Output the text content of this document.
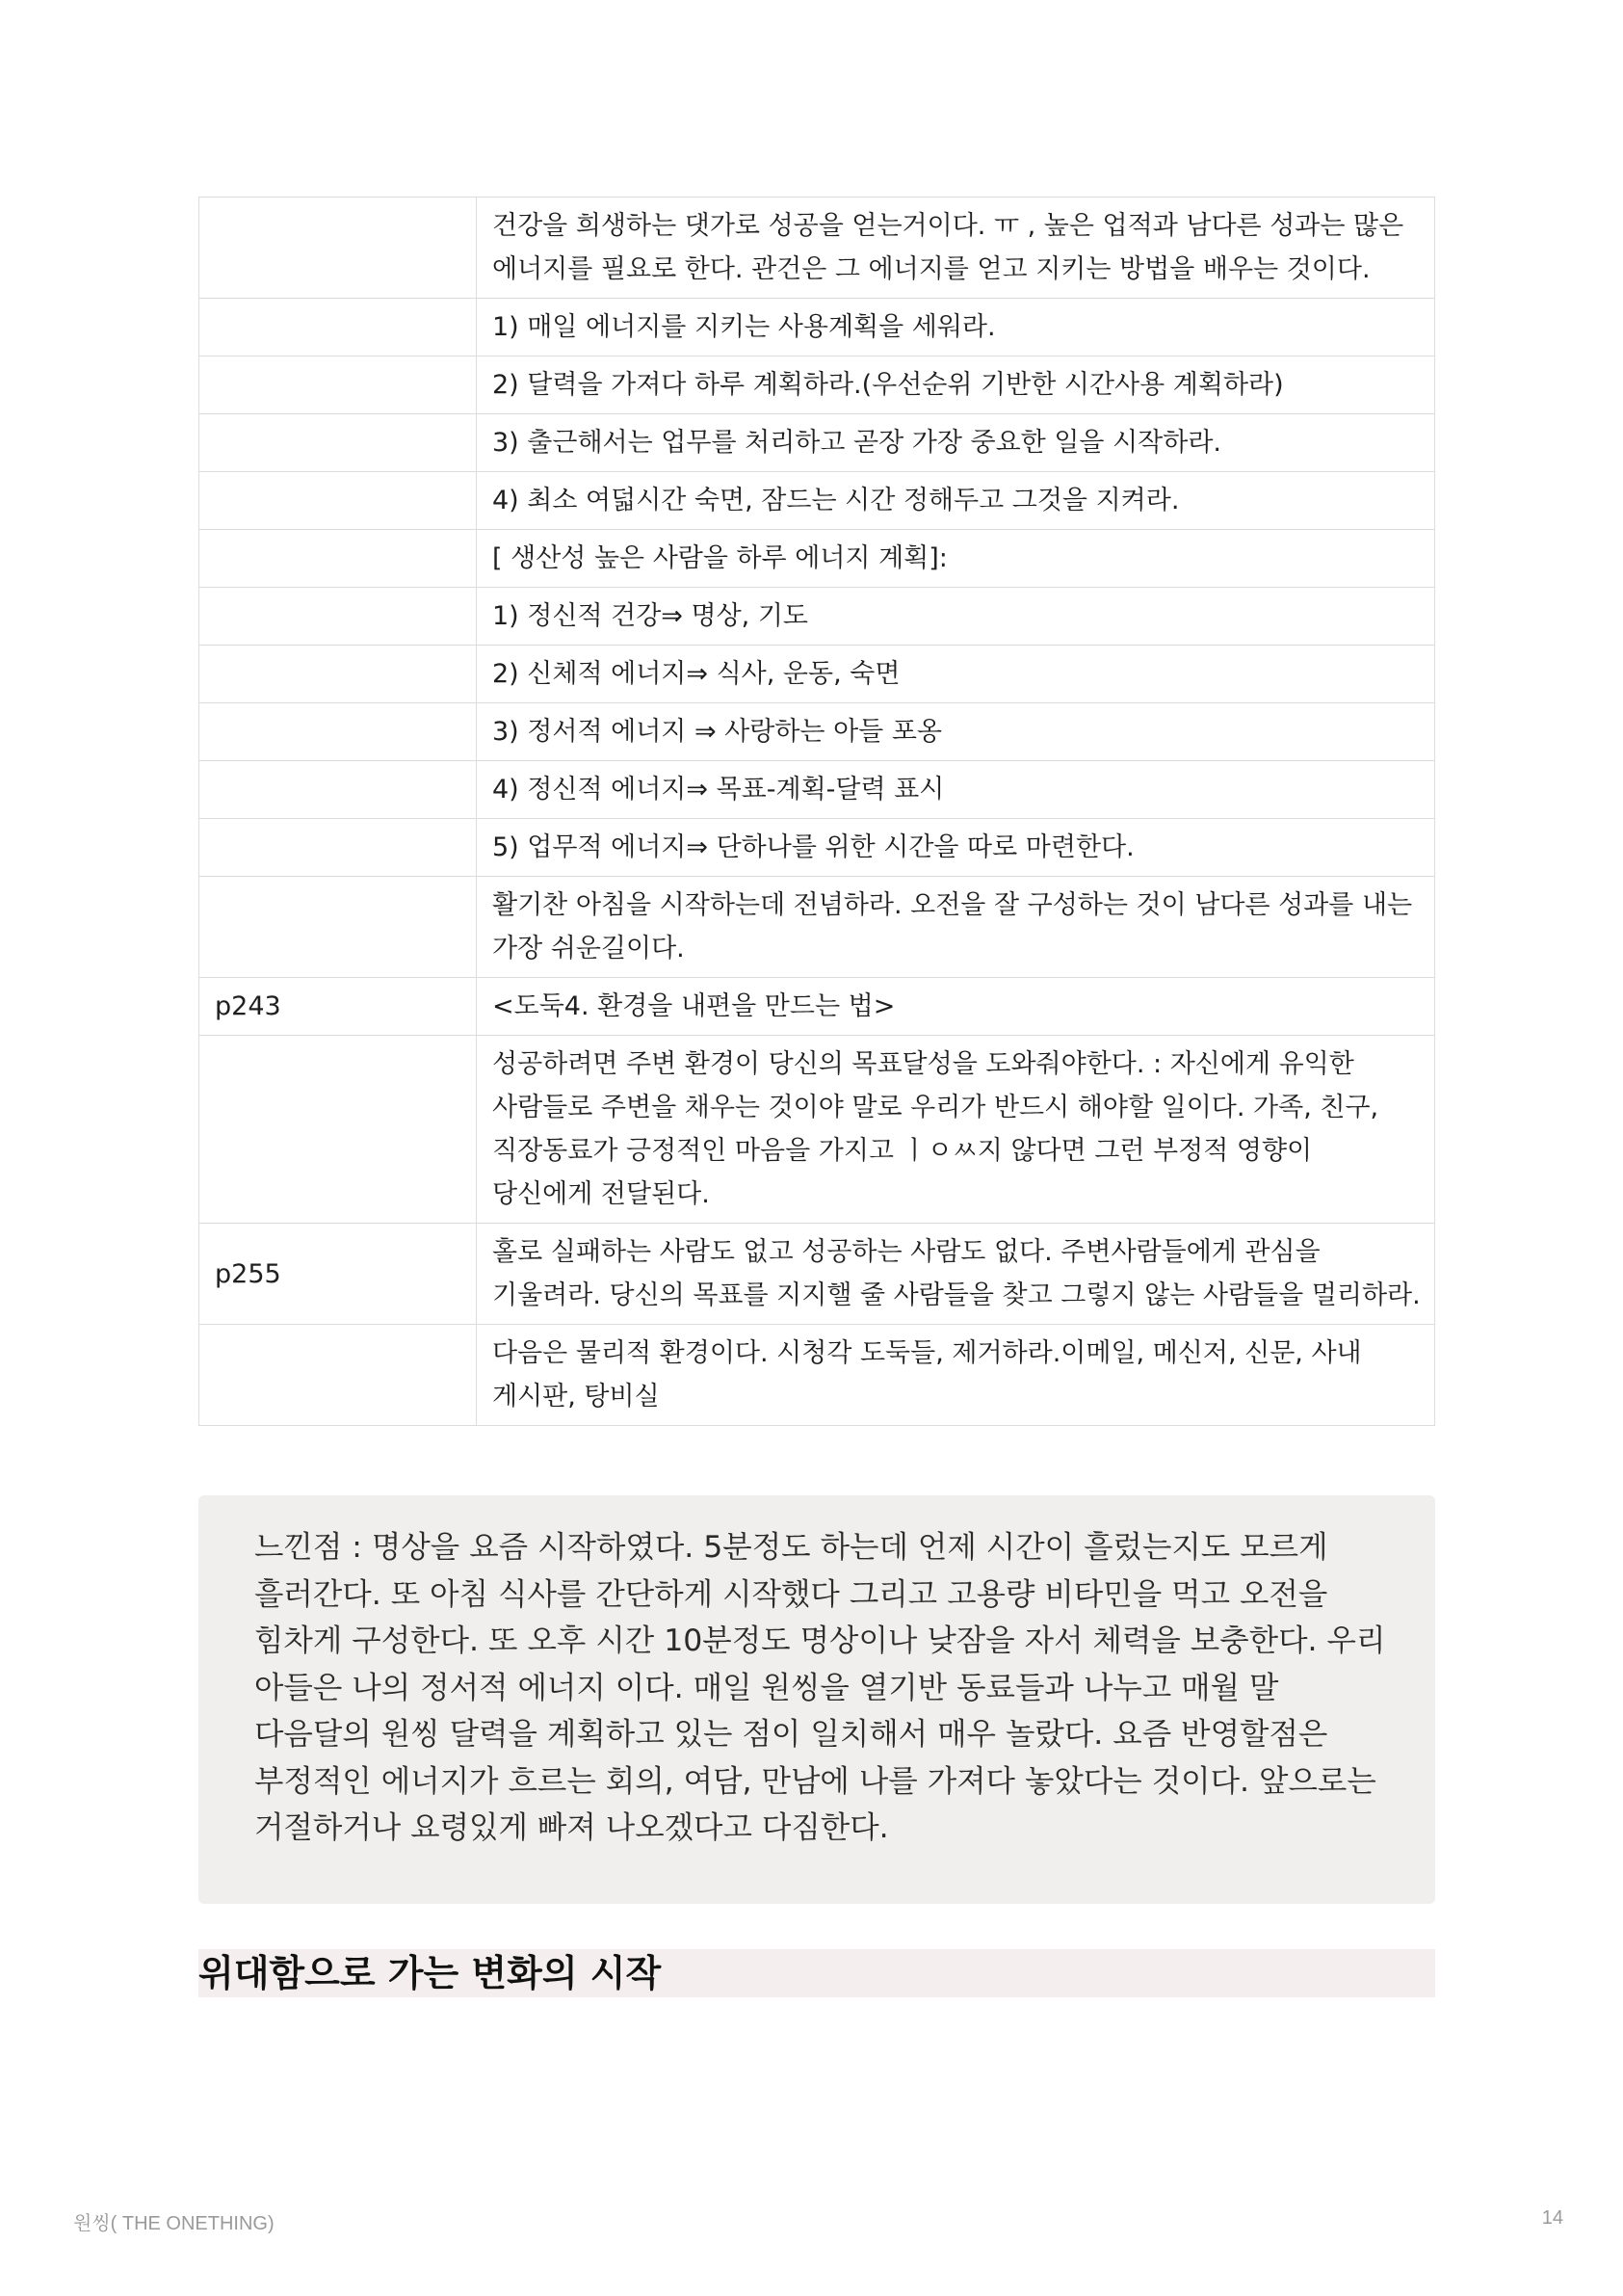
	건강을 희생하는 댓가로 성공을 얻는거이다. ㅠ , 높은 업적과 남다른 성과는 많은 에너지를 필요로 한다. 관건은 그 에너지를 얻고 지키는 방법을 배우는 것이다.
	1) 매일 에너지를 지키는 사용계획을 세워라.
	2) 달력을 가져다 하루 계획하라.(우선순위 기반한 시간사용 계획하라)
	3) 출근해서는 업무를 처리하고 곧장 가장 중요한 일을 시작하라.
	4) 최소 여덟시간 숙면, 잠드는 시간 정해두고 그것을 지켜라.
	[ 생산성 높은 사람을 하루 에너지 계획]:
	1) 정신적 건강⇒ 명상, 기도
	2) 신체적 에너지⇒ 식사, 운동, 숙면
	3) 정서적 에너지 ⇒ 사랑하는 아들 포옹
	4) 정신적 에너지⇒ 목표-계획-달력 표시
	5) 업무적 에너지⇒ 단하나를 위한 시간을 따로 마련한다.
	활기찬 아침을 시작하는데 전념하라. 오전을 잘 구성하는 것이 남다른 성과를 내는 가장 쉬운길이다.
p243	<도둑4. 환경을 내편을 만드는 법>
	성공하려면 주변 환경이 당신의 목표달성을 도와줘야한다. : 자신에게 유익한 사람들로 주변을 채우는 것이야 말로 우리가 반드시 해야할 일이다. 가족, 친구, 직장동료가 긍정적인 마음을 가지고 ㅣㅇㅆ지 않다면 그런 부정적 영향이 당신에게 전달된다.
p255	홀로 실패하는 사람도 없고 성공하는 사람도 없다. 주변사람들에게 관심을 기울려라. 당신의 목표를 지지핼 줄 사람들을 찾고 그렇지 않는 사람들을 멀리하라.
	다음은 물리적 환경이다. 시청각 도둑들, 제거하라.이메일, 메신저, 신문, 사내 게시판, 탕비실
느낀점 : 명상을 요즘 시작하였다. 5분정도 하는데 언제 시간이 흘렀는지도 모르게 흘러간다. 또 아침 식사를 간단하게 시작했다 그리고 고용량 비타민을 먹고 오전을 힘차게 구성한다. 또 오후 시간 10분정도 명상이나 낮잠을 자서 체력을 보충한다. 우리 아들은 나의 정서적 에너지 이다. 매일 원씽을 열기반 동료들과 나누고 매월 말 다음달의 원씽 달력을 계획하고 있는 점이 일치해서 매우 놀랐다. 요즘 반영할점은 부정적인 에너지가 흐르는 회의, 여담, 만남에 나를 가져다 놓았다는 것이다. 앞으로는 거절하거나 요령있게 빠져 나오겠다고 다짐한다.
위대함으로 가는 변화의 시작
원씽( THE ONETHING)	14
